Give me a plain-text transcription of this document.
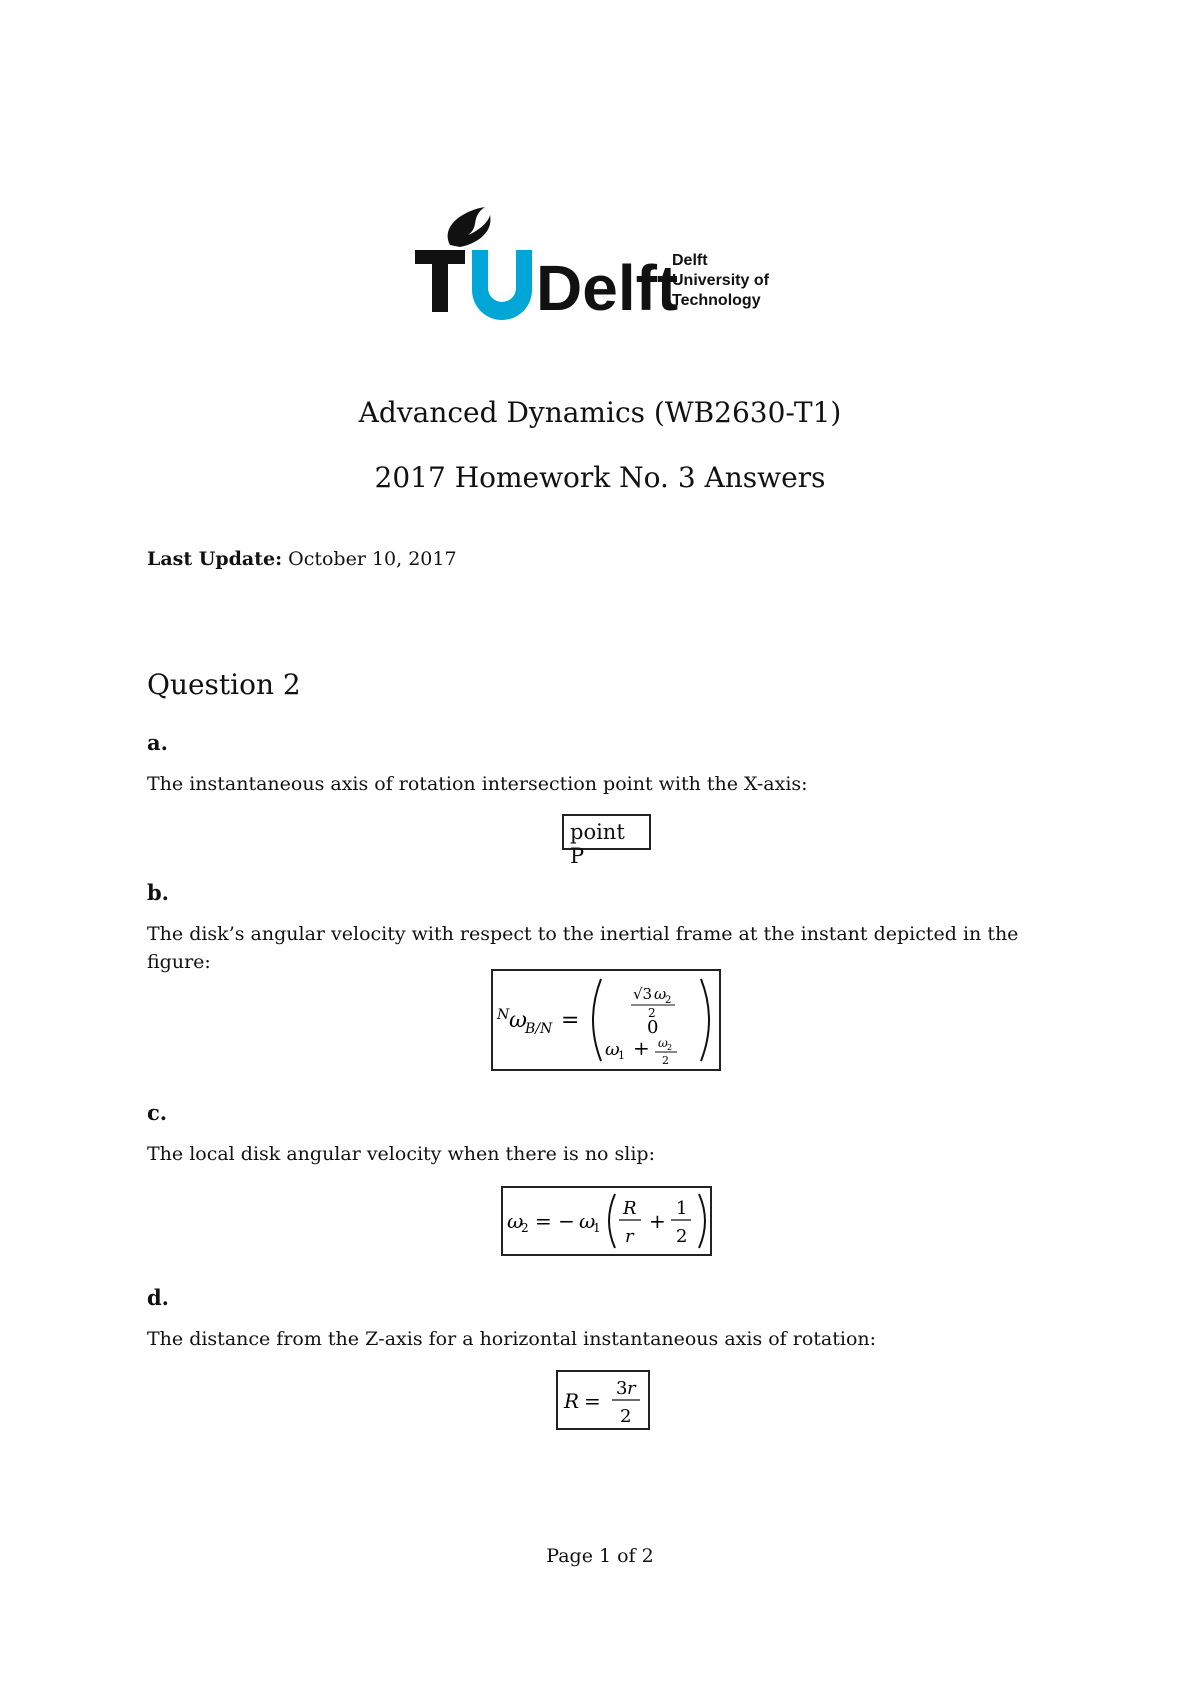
Delft
Delft
University of
Technology
Advanced Dynamics (WB2630-T1)
2017 Homework No. 3 Answers
Last Update: October 10, 2017
Question 2
a.
The instantaneous axis of rotation intersection point with the X-axis:
point P
b.
The disk’s angular velocity with respect to the inertial frame at the instant depicted in the figure:
N ω
B/N =
√3 ω
2
2
0
ω
1 + ω 2
2
c.
The local disk angular velocity when there is no slip:
ω
2 = − ω
1
R
r
+
1
2
d.
The distance from the Z-axis for a horizontal instantaneous axis of rotation:
R =
3 r
2
Page 1 of 2
